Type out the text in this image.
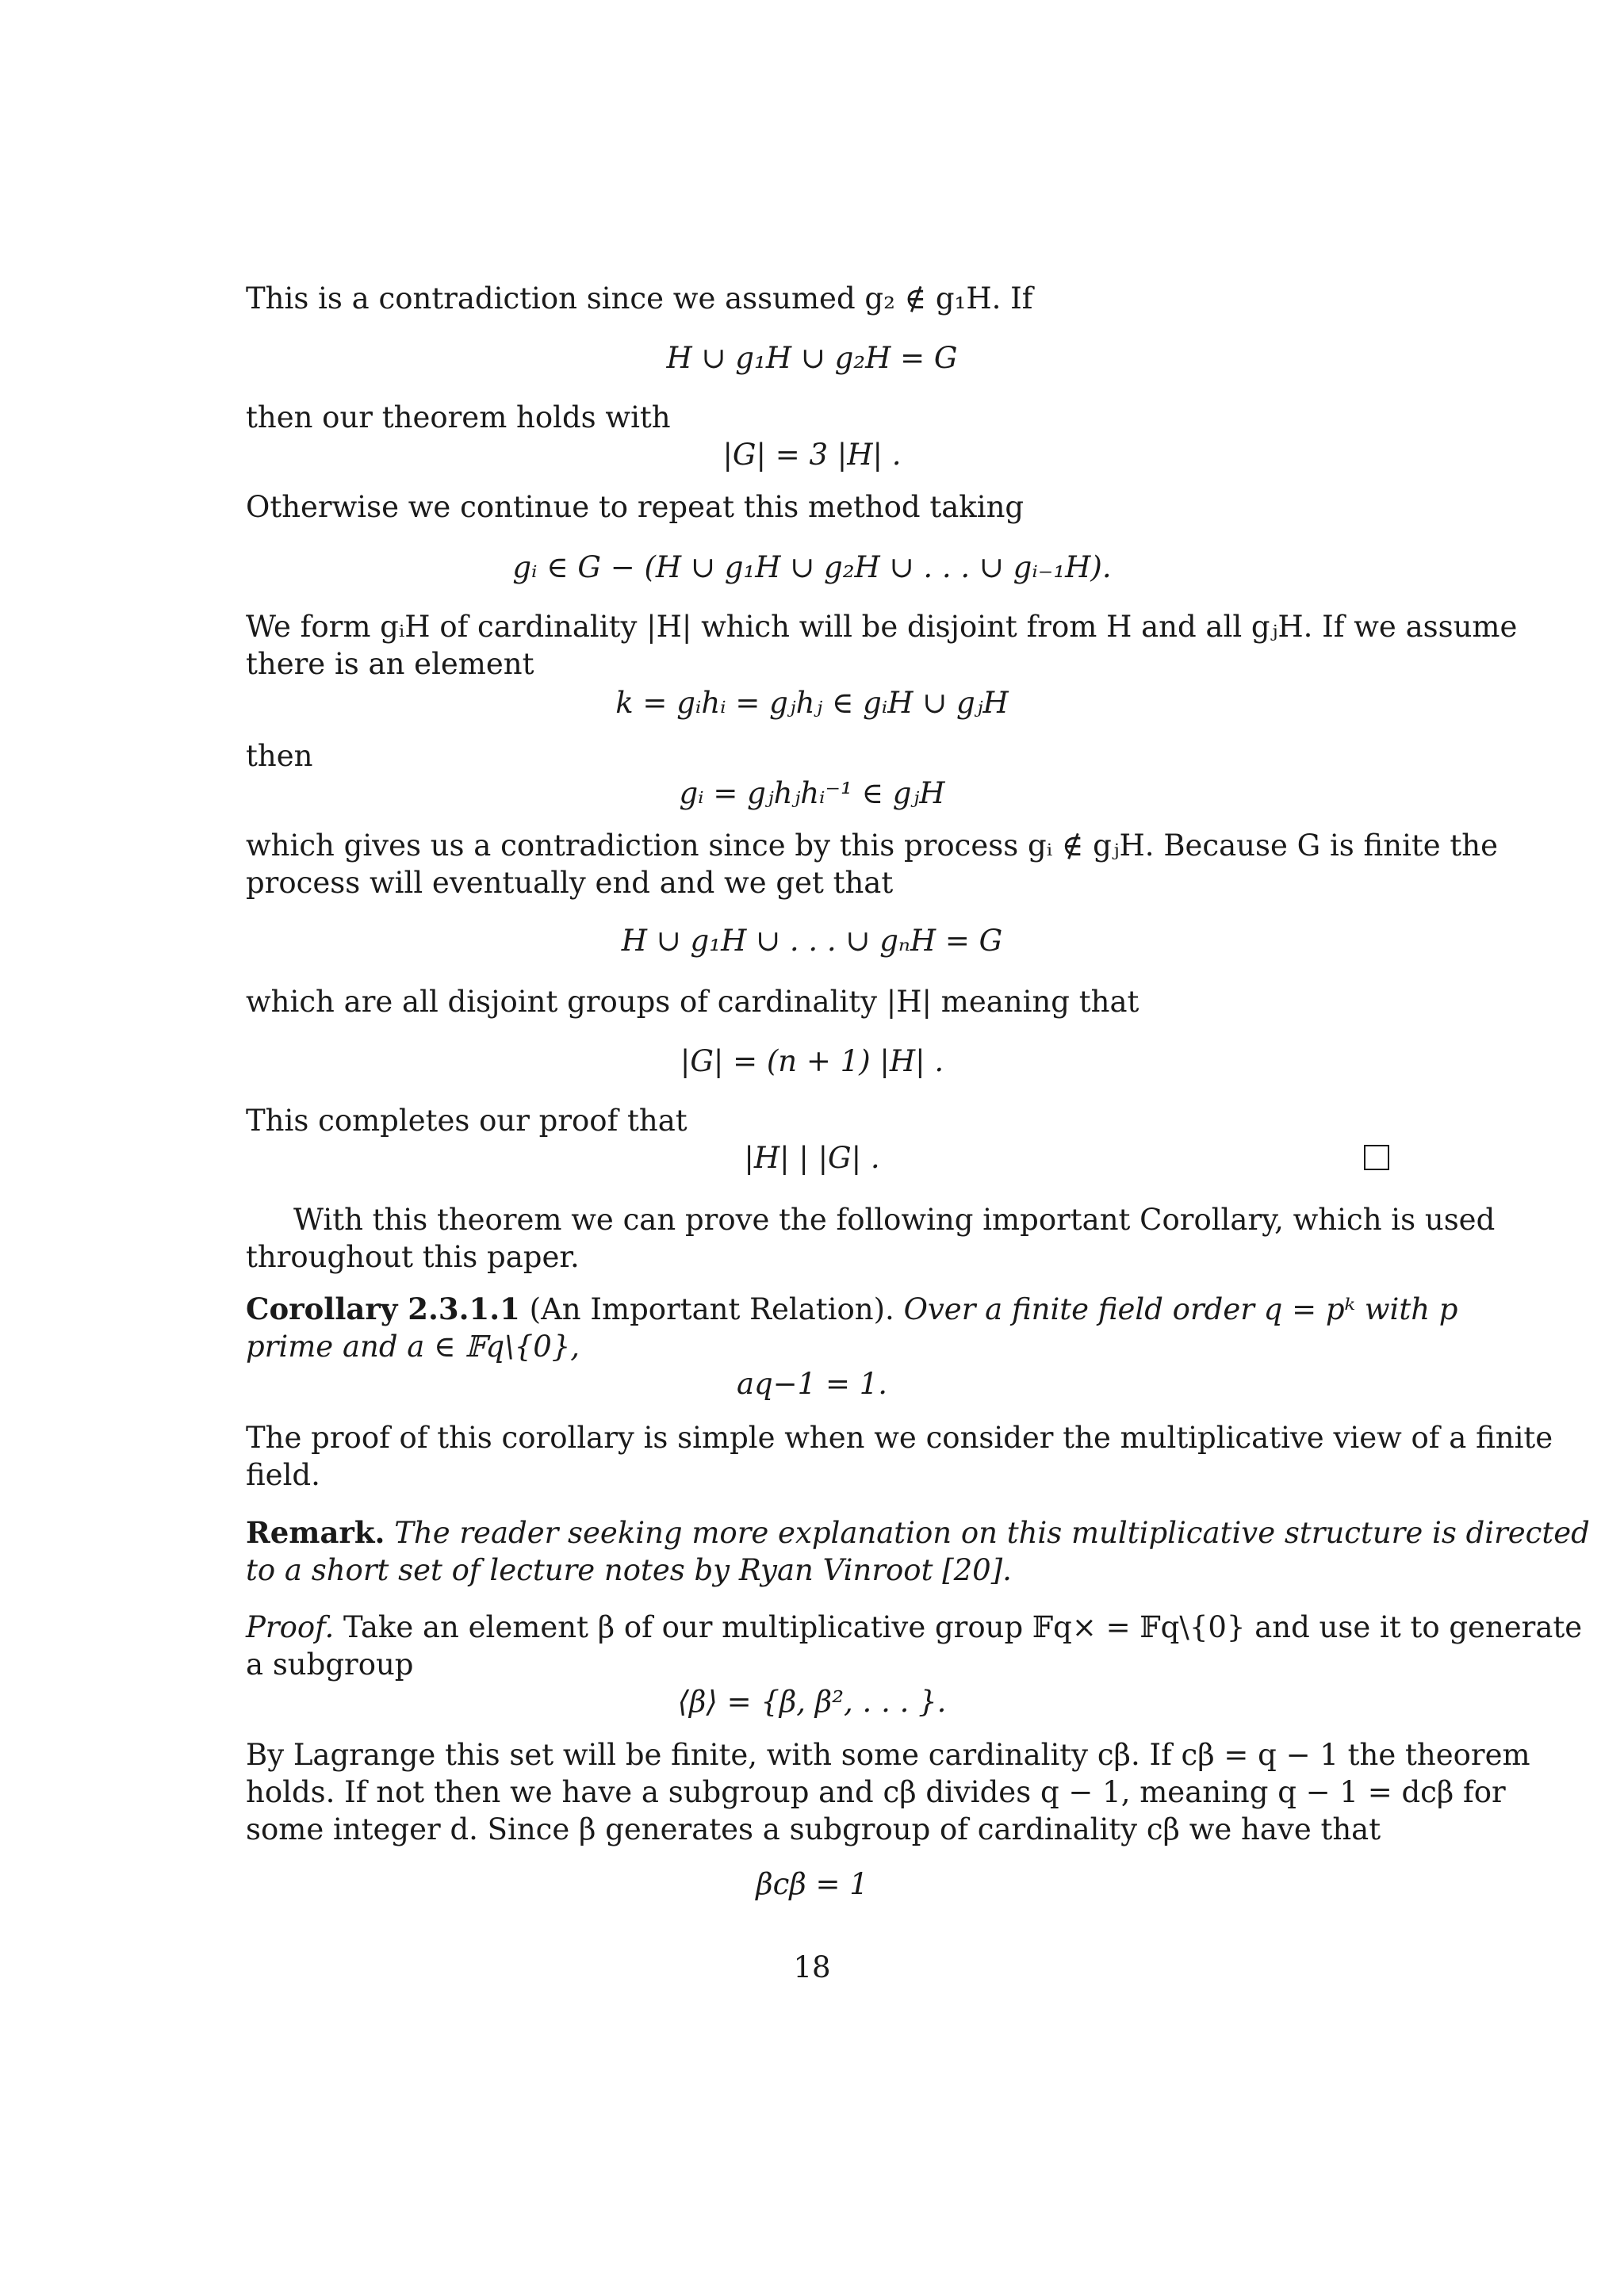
This is a contradiction since we assumed g₂ ∉ g₁H. If
H ∪ g₁H ∪ g₂H = G
then our theorem holds with
|G| = 3 |H| .
Otherwise we continue to repeat this method taking
gᵢ ∈ G − (H ∪ g₁H ∪ g₂H ∪ . . . ∪ gᵢ₋₁H).
We form gᵢH of cardinality |H| which will be disjoint from H and all gⱼH. If we assume
there is an element
k = gᵢhᵢ = gⱼhⱼ ∈ gᵢH ∪ gⱼH
then
gᵢ = gⱼhⱼhᵢ⁻¹ ∈ gⱼH
which gives us a contradiction since by this process gᵢ ∉ gⱼH. Because G is finite the
process will eventually end and we get that
H ∪ g₁H ∪ . . . ∪ gₙH = G
which are all disjoint groups of cardinality |H| meaning that
|G| = (n + 1) |H| .
This completes our proof that
|H| | |G| .
With this theorem we can prove the following important Corollary, which is used
throughout this paper.
Corollary 2.3.1.1 (An Important Relation). Over a finite field order q = pᵏ with p
prime and a ∈ 𝔽q\{0},
aq−1 = 1.
The proof of this corollary is simple when we consider the multiplicative view of a finite
field.
Remark. The reader seeking more explanation on this multiplicative structure is directed
to a short set of lecture notes by Ryan Vinroot [20].
Proof. Take an element β of our multiplicative group 𝔽q× = 𝔽q\{0} and use it to generate
a subgroup
⟨β⟩ = {β, β², . . . }.
By Lagrange this set will be finite, with some cardinality cβ. If cβ = q − 1 the theorem
holds. If not then we have a subgroup and cβ divides q − 1, meaning q − 1 = dcβ for
some integer d. Since β generates a subgroup of cardinality cβ we have that
βcβ = 1
18
